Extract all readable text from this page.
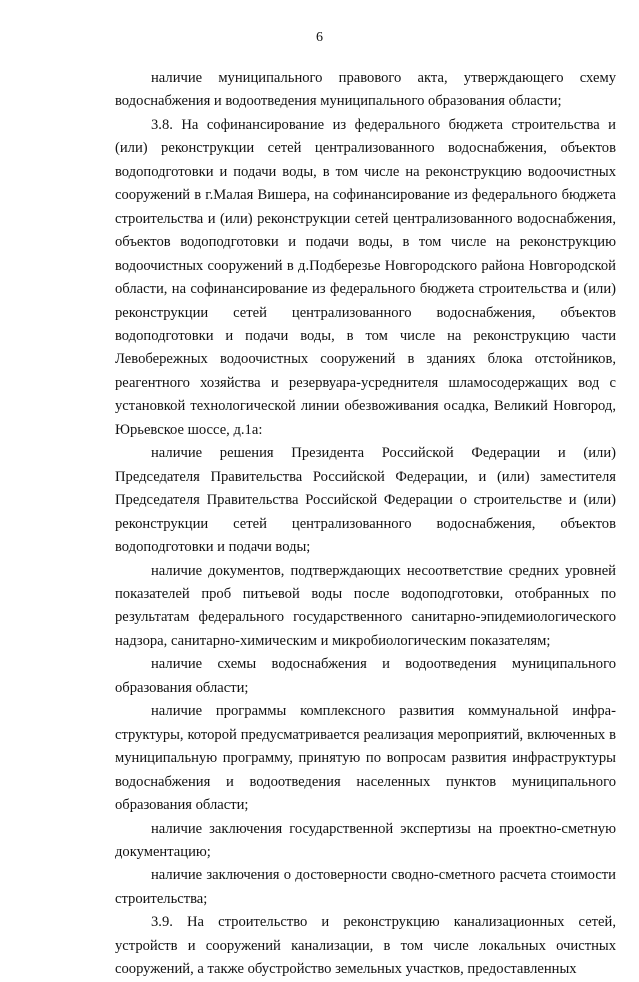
6

наличие муниципального правового акта, утверждающего схему водоснабжения и водоотведения муниципального образования области;

3.8. На софинансирование из федерального бюджета строительства и (или) реконструкции сетей централизованного водоснабжения, объектов водоподготовки и подачи воды, в том числе на реконструкцию водоочистных сооружений в г.Малая Вишера, на софинансирование из федерального бюджета строительства и (или) реконструкции сетей централизованного водоснабжения, объектов водоподготовки и подачи воды, в том числе на реконструкцию водоочистных сооружений в д.Подберезье Новгородского района Новгородской области, на софинансирование из федерального бюджета строительства и (или) реконструкции сетей централизованного водоснабжения, объектов водоподготовки и подачи воды, в том числе на реконструкцию части Левобережных водоочистных сооружений в зданиях блока отстойников, реагентного хозяйства и резервуара-усреднителя шламосодержащих вод с установкой технологической линии обезвоживания осадка, Великий Новгород, Юрьевское шоссе, д.1а:

наличие решения Президента Российской Федерации и (или) Председателя Правительства Российской Федерации, и (или) заместителя Председателя Правительства Российской Федерации о строительстве и (или) реконструкции сетей централизованного водоснабжения, объектов водоподготовки и подачи воды;

наличие документов, подтверждающих несоответствие средних уровней показателей проб питьевой воды после водоподготовки, отобранных по результатам федерального государственного санитарно-эпидемиологического надзора, санитарно-химическим и микробиологическим показателям;

наличие схемы водоснабжения и водоотведения муниципального образования области;

наличие программы комплексного развития коммунальной инфраструктуры, которой предусматривается реализация мероприятий, включенных в муниципальную программу, принятую по вопросам развития инфраструктуры водоснабжения и водоотведения населенных пунктов муниципального образования области;

наличие заключения государственной экспертизы на проектно-сметную документацию;

наличие заключения о достоверности сводно-сметного расчета стоимости строительства;

3.9. На строительство и реконструкцию канализационных сетей, устройств и сооружений канализации, в том числе локальных очистных сооружений, а также обустройство земельных участков, предоставленных
